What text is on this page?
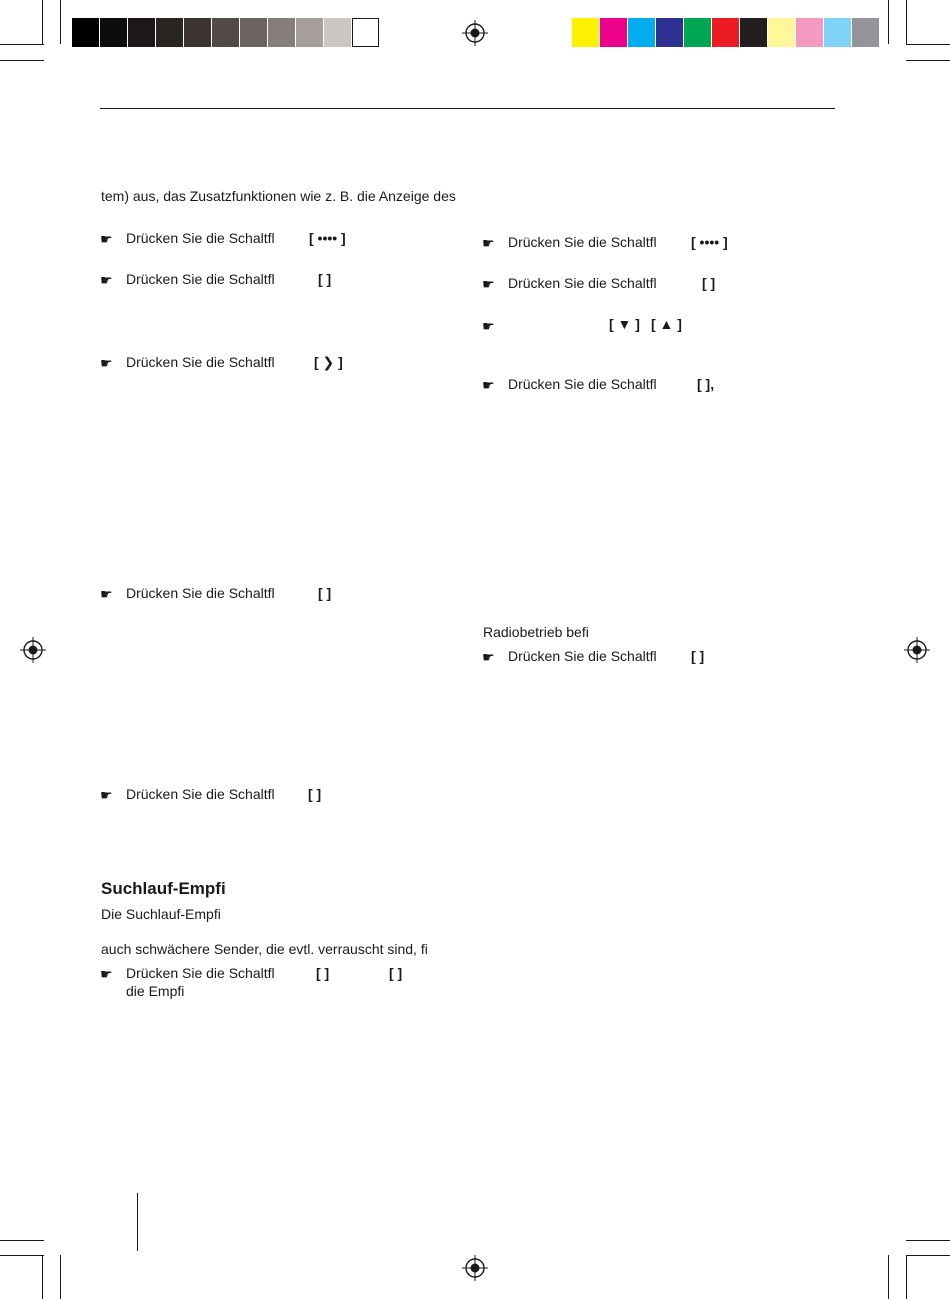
tem) aus, das Zusatzfunktionen wie z. B. die Anzeige des
☛ Drücken Sie die Schaltfl [ •••• ]
☛ Drücken Sie die Schaltfl	[ ]
☛ Drücken Sie die Schaltfl	[ ❯ ]
☛ Drücken Sie die Schaltfl	[ ]
☛ Drücken Sie die Schaltfl [ ]
Suchlauf-Empfi
Die Suchlauf-Empfi
auch schwächere Sender, die evtl. verrauscht sind, fi
☛ Drücken Sie die Schaltfl	[ ]	[ ]
die Empfi
☛ Drücken Sie die Schaltfl [ •••• ]
☛ Drücken Sie die Schaltfl	[ ]
☛	[ ▼ ] [ ▲ ]
☛ Drücken Sie die Schaltfl	[ ],
Radiobetrieb befi
☛ Drücken Sie die Schaltfl [ ]
